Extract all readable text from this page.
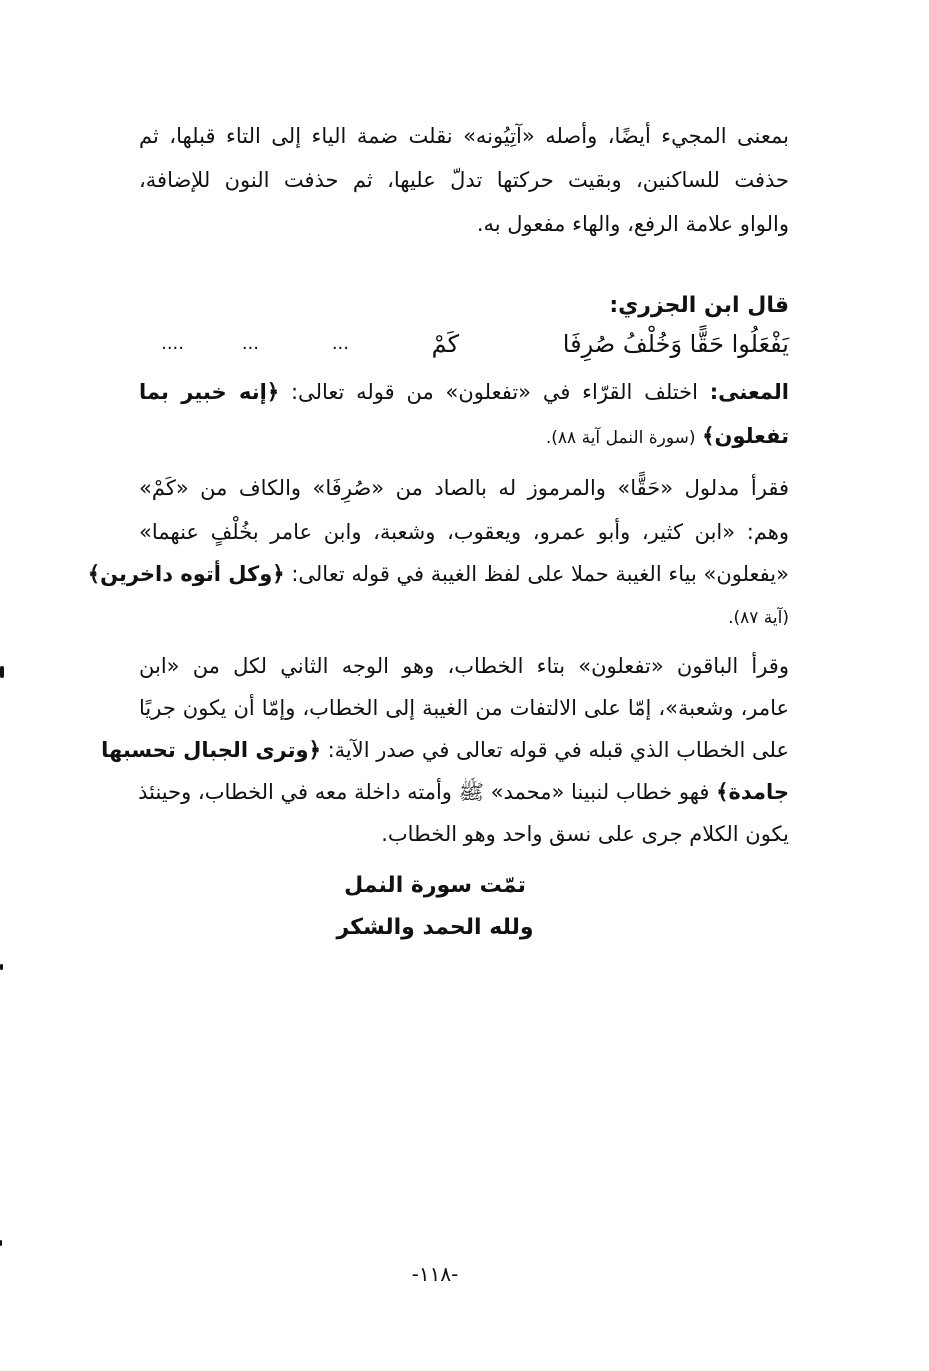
بمعنى المجيء أيضًا، وأصله «آتِيُونه» نقلت ضمة الياء إلى التاء قبلها، ثم
حذفت للساكنين، وبقيت حركتها تدلّ عليها، ثم حذفت النون للإضافة،
والواو علامة الرفع، والهاء مفعول به.
قال ابن الجزري:
يَفْعَلُوا حَقًّا وَخُلْفُ صُرِفَا
كَمْ
...
...
....
المعنى: اختلف القرّاء في «تفعلون» من قوله تعالى: ﴿إنه خبير بما
تفعلون﴾ (سورة النمل آية ٨٨).
فقرأ مدلول «حَقًّا» والمرموز له بالصاد من «صُرِفَا» والكاف من «كَمْ»
وهم: «ابن كثير، وأبو عمرو، ويعقوب، وشعبة، وابن عامر بخُلْفٍ عنهما»
«يفعلون» بياء الغيبة حملا على لفظ الغيبة في قوله تعالى: ﴿وكل أتوه داخرين﴾
(آية ٨٧).
وقرأ الباقون «تفعلون» بتاء الخطاب، وهو الوجه الثاني لكل من «ابن
عامر، وشعبة»، إمّا على الالتفات من الغيبة إلى الخطاب، وإمّا أن يكون جريًا
على الخطاب الذي قبله في قوله تعالى في صدر الآية: ﴿وترى الجبال تحسبها
جامدة﴾ فهو خطاب لنبينا «محمد» ﷺ وأمته داخلة معه في الخطاب، وحينئذ
يكون الكلام جرى على نسق واحد وهو الخطاب.
تمّت سورة النمل
ولله الحمد والشكر
-١١٨-
